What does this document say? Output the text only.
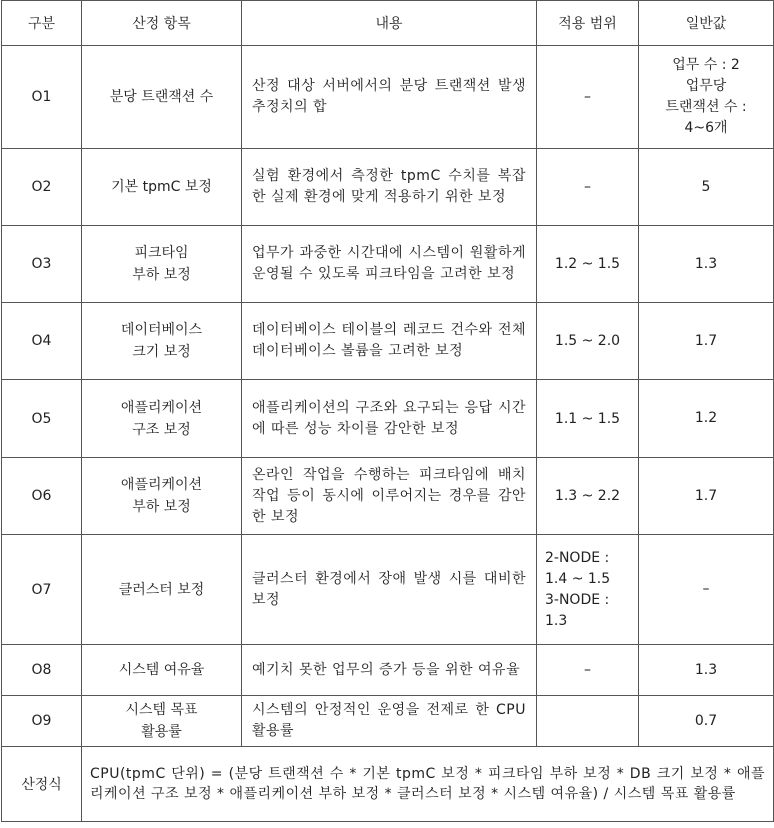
구분	산정 항목	내용	적용 범위	일반값
O1	분당 트랜잭션 수	산정 대상 서버에서의 분당 트랜잭션 발생 추정치의 합	–	업무 수 : 2
업무당
트랜잭션 수 :
4~6개
O2	기본 tpmC 보정	실험 환경에서 측정한 tpmC 수치를 복잡한 실제 환경에 맞게 적용하기 위한 보정	–	5
O3	피크타임
부하 보정	업무가 과중한 시간대에 시스템이 원활하게 운영될 수 있도록 피크타임을 고려한 보정	1.2 ~ 1.5	1.3
O4	데이터베이스
크기 보정	데이터베이스 테이블의 레코드 건수와 전체 데이터베이스 볼륨을 고려한 보정	1.5 ~ 2.0	1.7
O5	애플리케이션
구조 보정	애플리케이션의 구조와 요구되는 응답 시간에 따른 성능 차이를 감안한 보정	1.1 ~ 1.5	1.2
O6	애플리케이션
부하 보정	온라인 작업을 수행하는 피크타임에 배치 작업 등이 동시에 이루어지는 경우를 감안한 보정	1.3 ~ 2.2	1.7
O7	클러스터 보정	클러스터 환경에서 장애 발생 시를 대비한 보정	2-NODE :
1.4 ~ 1.5
3-NODE :
1.3	–
O8	시스템 여유율	예기치 못한 업무의 증가 등을 위한 여유율	–	1.3
O9	시스템 목표
활용률	시스템의 안정적인 운영을 전제로 한 CPU 활용률		0.7
산정식	CPU(tpmC 단위) = (분당 트랜잭션 수 * 기본 tpmC 보정 * 피크타임 부하 보정 * DB 크기 보정 * 애플리케이션 구조 보정 * 애플리케이션 부하 보정 * 클러스터 보정 * 시스템 여유율) / 시스템 목표 활용률			
